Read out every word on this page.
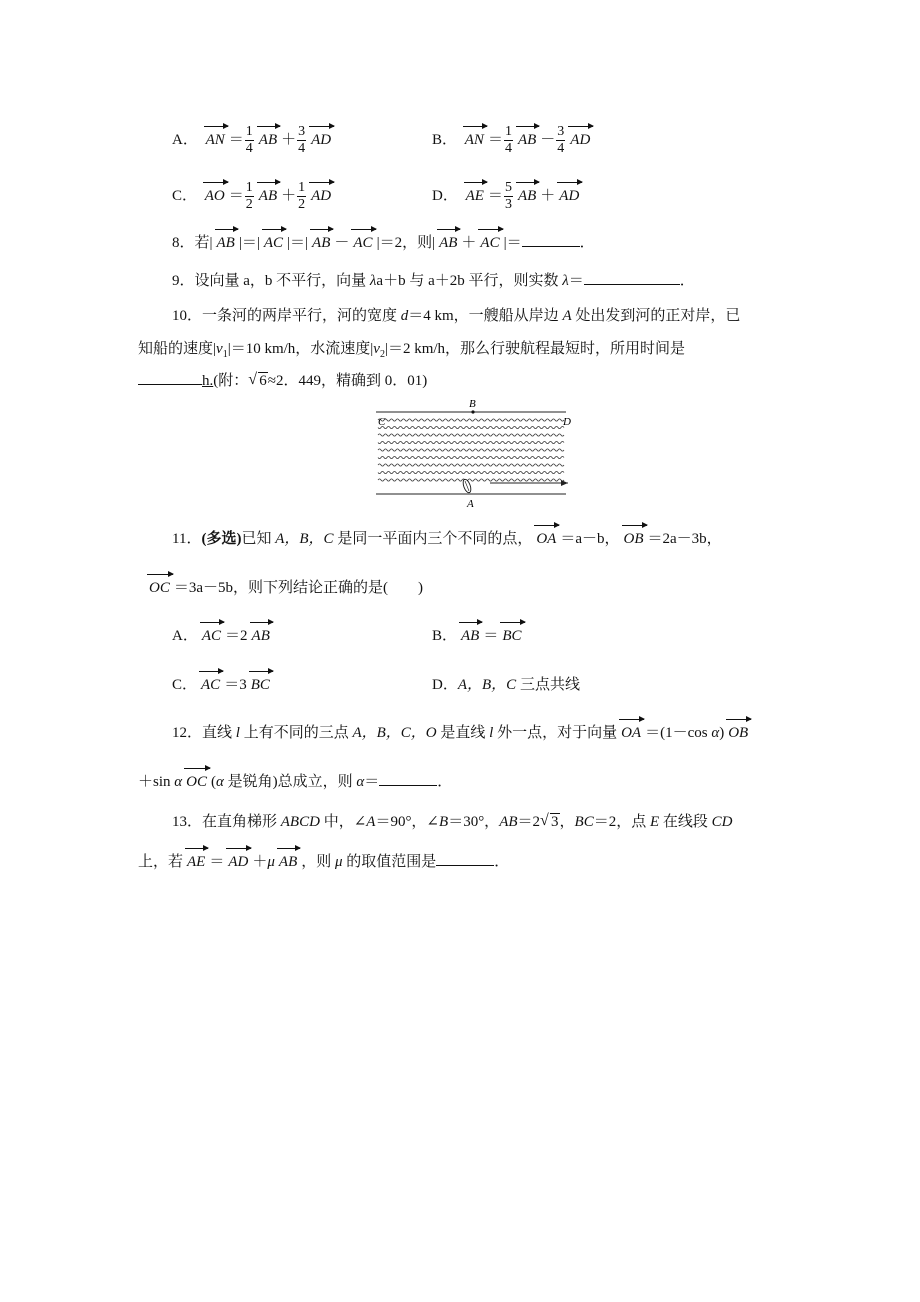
A． AN ＝ $\frac{1}{4}$ AB ＋ $\frac{3}{4}$ AD	B． AN ＝ $\frac{1}{4}$ AB － $\frac{3}{4}$ AD
C． AO ＝ $\frac{1}{2}$ AB ＋ $\frac{1}{2}$ AD	D． AE ＝ $\frac{5}{3}$ AB ＋ AD
8．若| AB |＝| AC |＝| AB － AC |＝2，则| AB ＋ AC |＝	．
9．设向量 a，b 不平行，向量 λa＋b 与 a＋2b 平行，则实数 λ＝	．
10．一条河的两岸平行，河的宽度 d＝4 km，一艘船从岸边 A 处出发到河的正对岸，已
知船的速度$|v_1|=10$ km/h，水流速度$|v_2|=2$ km/h，那么行驶航程最短时，所用时间是
h.(附： √ 6≈2．449，精确到 0．01)
B
C	D
A
11．(多选)已知 A，B，C 是同一平面内三个不同的点， OA ＝a－b， OB ＝2a－3b，
OC ＝3a－5b，则下列结论正确的是(　　)
A． AC ＝2 AB	B． AB ＝ BC
C． AC ＝3 BC	D．A，B，C 三点共线
12．直线 l 上有不同的三点 A，B，C，O 是直线 l 外一点，对于向量 OA ＝(1－cos α) OB
＋sin α OC (α 是锐角)总成立，则 α＝	．
13．在直角梯形 ABCD 中，∠A＝90°，∠B＝30°，AB＝2 √ 3，BC＝2，点 E 在线段 CD
上，若 AE ＝ AD ＋μ AB ，则 μ 的取值范围是	．
